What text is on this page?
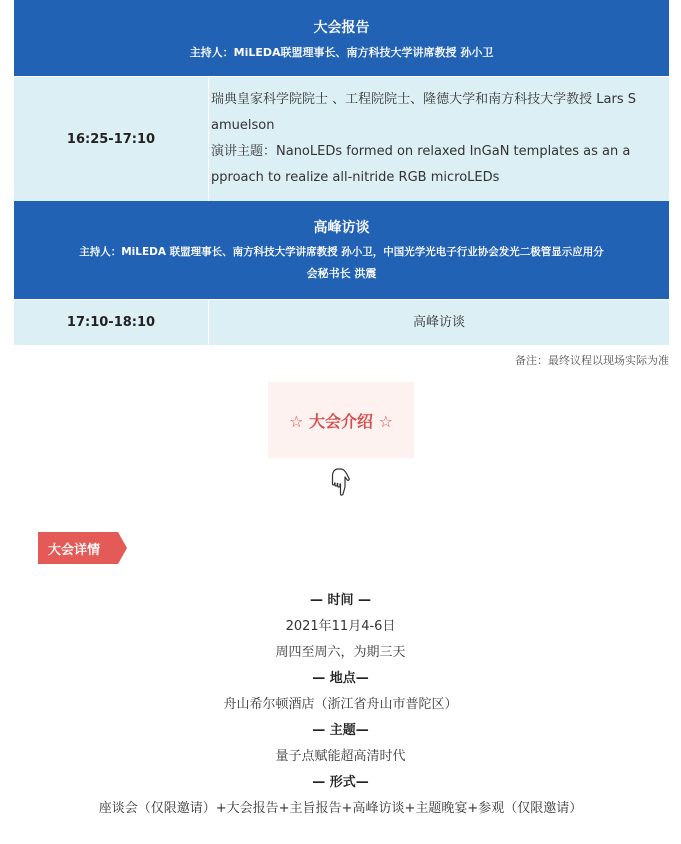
大会报告
主持人：MiLEDA联盟理事长、南方科技大学讲席教授 孙小卫
16:25-17:10
瑞典皇家科学院院士 、工程院院士、隆德大学和南方科技大学教授 Lars S
amuelson
演讲主题：NanoLEDs formed on relaxed InGaN templates as an a
pproach to realize all-nitride RGB microLEDs
高峰访谈
主持人：MiLEDA 联盟理事长、南方科技大学讲席教授 孙小卫，中国光学光电子行业协会发光二极管显示应用分
会秘书长 洪震
17:10-18:10	高峰访谈
备注：最终议程以现场实际为准
☆ 大会介绍 ☆
大会详情
— 时间 —
2021年11月4-6日
周四至周六，为期三天
— 地点—
舟山希尔顿酒店（浙江省舟山市普陀区）
— 主题—
量子点赋能超高清时代
— 形式—
座谈会（仅限邀请）+大会报告+主旨报告+高峰访谈+主题晚宴+参观（仅限邀请）
